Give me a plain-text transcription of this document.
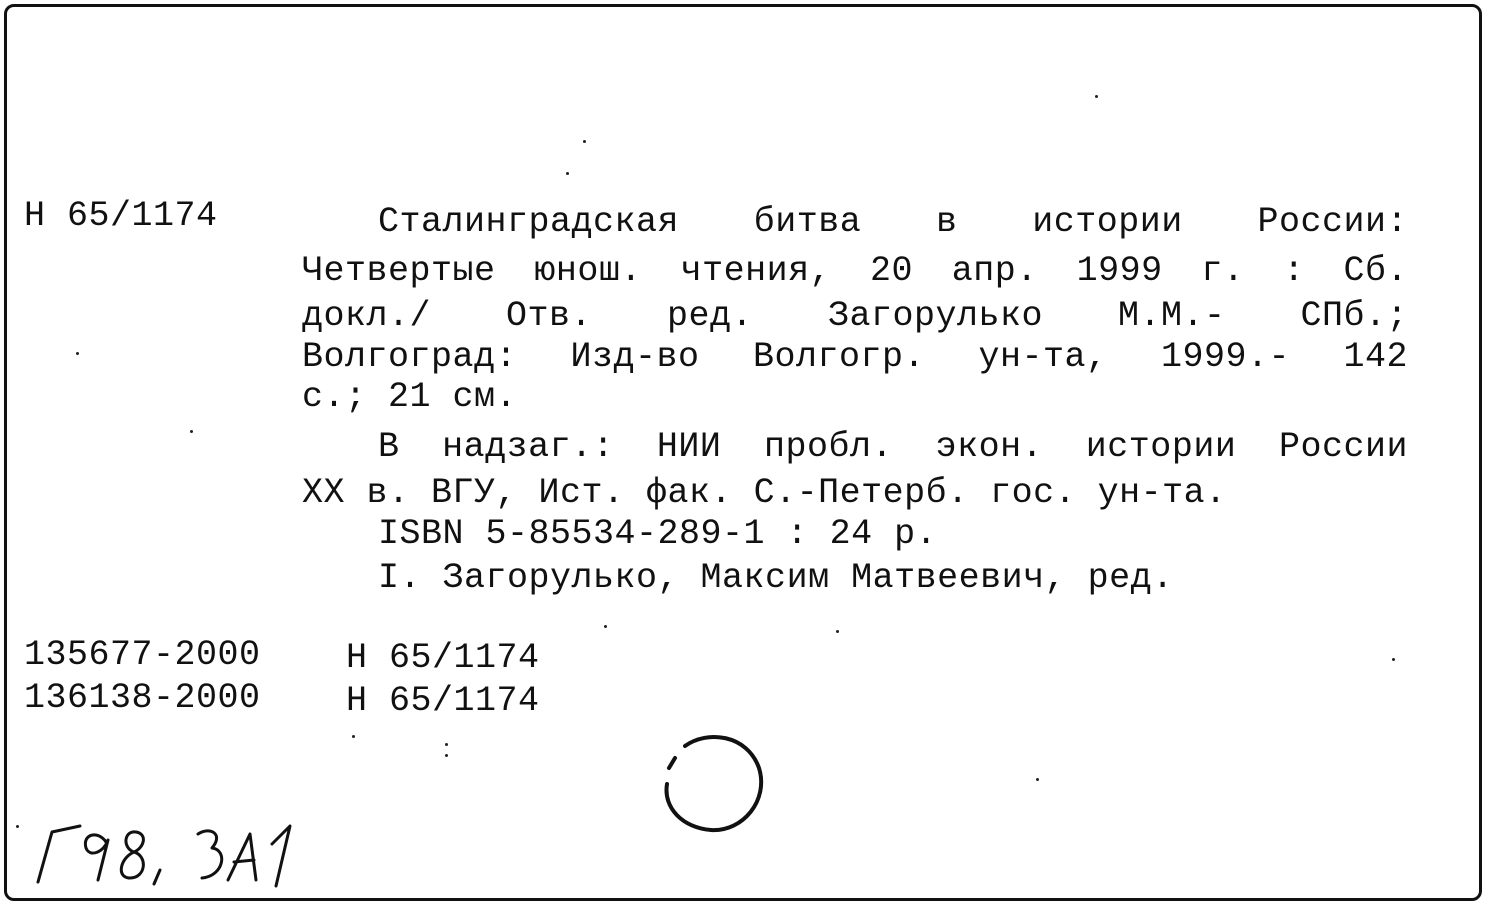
Н 65/1174	Сталинградская битва в истории России:
Четвертые юнош. чтения, 20 апр. 1999 г. : Сб.
докл./ Отв. ред. Загорулько М.М.- СПб.;
Волгоград: Изд-во Волгогр. ун-та, 1999.- 142
с.; 21 см.
В надзаг.: НИИ пробл. экон. истории России
XX в. ВГУ, Ист. фак. С.-Петерб. гос. ун-та.
ISBN 5-85534-289-1 : 24 р.
I. Загорулько, Максим Матвеевич, ред.
135677-2000 Н 65/1174
136138-2000 Н 65/1174
